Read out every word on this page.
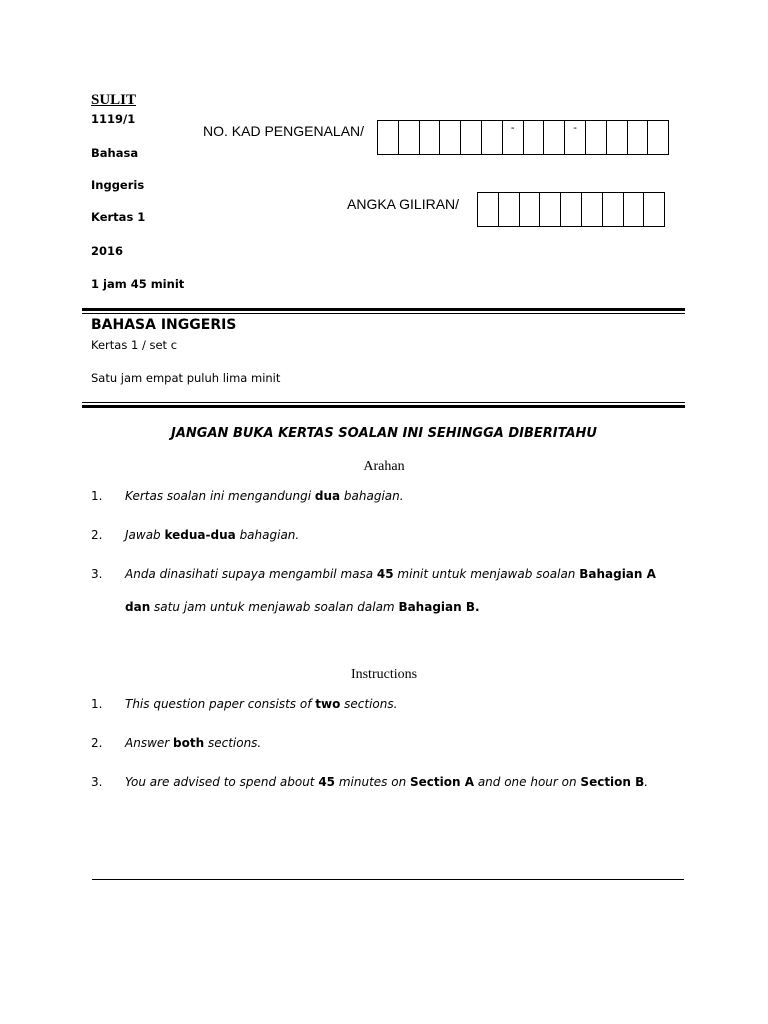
SULIT
1119/1
Bahasa
Inggeris
Kertas 1
2016
1 jam 45 minit
NO. KAD PENGENALAN/	-	-
ANGKA GILIRAN/
BAHASA INGGERIS
Kertas 1 / set c
Satu jam empat puluh lima minit
JANGAN BUKA KERTAS SOALAN INI SEHINGGA DIBERITAHU
Arahan
1. Kertas soalan ini mengandungi dua bahagian.
2. Jawab kedua-dua bahagian.
3. Anda dinasihati supaya mengambil masa 45 minit untuk menjawab soalan Bahagian A
dan satu jam untuk menjawab soalan dalam Bahagian B.
Instructions
1. This question paper consists of two sections.
2. Answer both sections.
3. You are advised to spend about 45 minutes on Section A and one hour on Section B.
